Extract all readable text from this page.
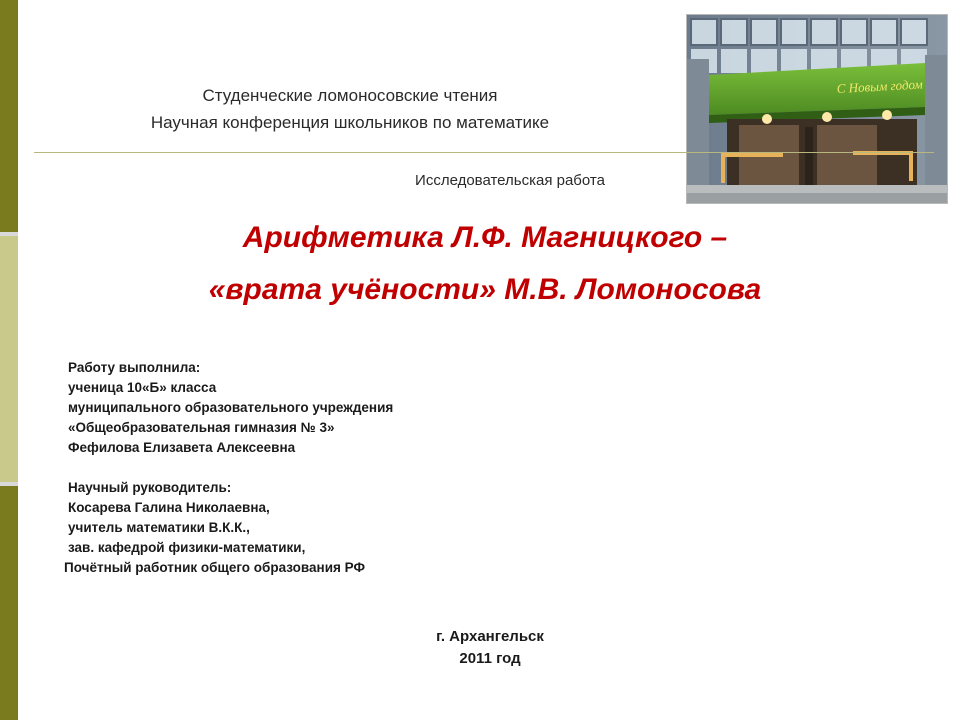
С Новым годом
Студенческие ломоносовские чтения
Научная конференция школьников по математике
Исследовательская работа
Арифметика Л.Ф. Магницкого –
«врата учёности» М.В. Ломоносова
Работу выполнила:
ученица 10«Б» класса
муниципального образовательного учреждения
«Общеобразовательная гимназия № 3»
Фефилова Елизавета Алексеевна
Научный руководитель:
Косарева Галина Николаевна,
учитель математики В.К.К.,
зав. кафедрой физики-математики,
Почётный работник общего образования РФ
г. Архангельск
2011 год
